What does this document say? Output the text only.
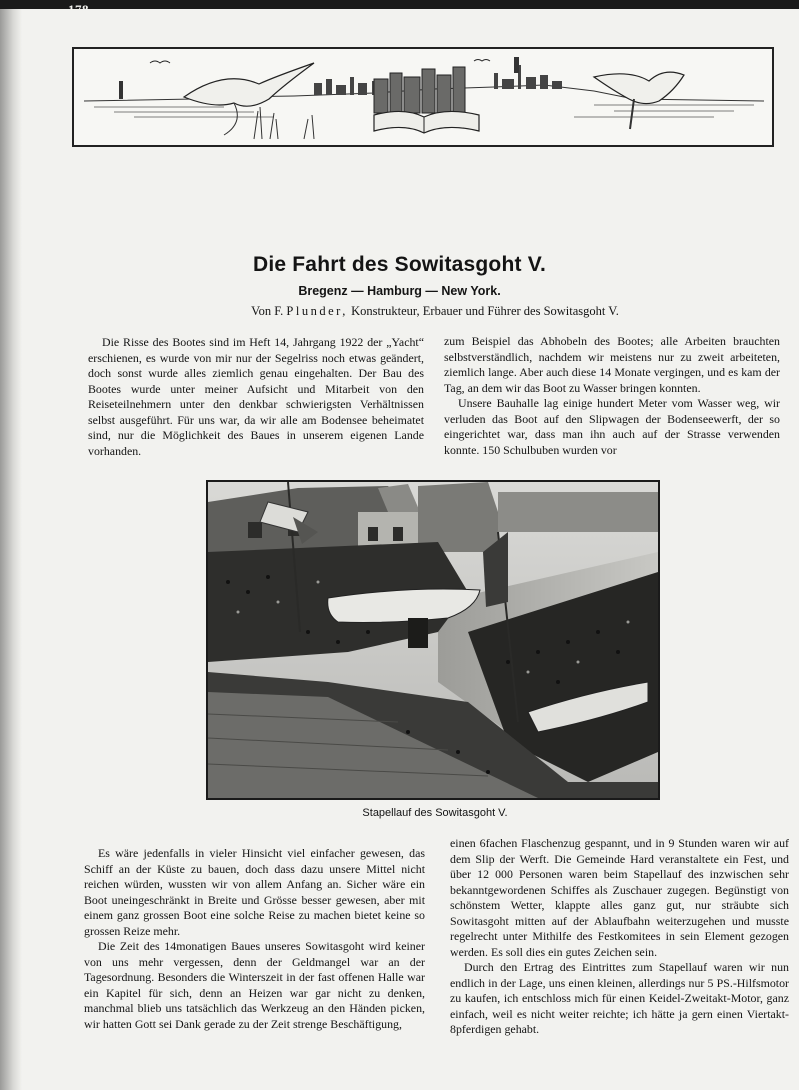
178
Die Fahrt des Sowitasgoht V.
Bregenz — Hamburg — New York.
Von F. Plunder, Konstrukteur, Erbauer und Führer des Sowitasgoht V.

Die Risse des Bootes sind im Heft 14, Jahrgang 1922 der „Yacht“ erschienen, es wurde von mir nur der Segelriss noch etwas geändert, doch sonst wurde alles ziemlich genau eingehalten. Der Bau des Bootes wurde unter meiner Aufsicht und Mitarbeit von den Reiseteilnehmern unter den denkbar schwierigsten Verhältnissen selbst ausgeführt. Für uns war, da wir alle am Bodensee beheimatet sind, nur die Möglichkeit des Baues in unserem eigenen Lande vorhanden.

zum Beispiel das Abhobeln des Bootes; alle Arbeiten brauchten selbstverständlich, nachdem wir meistens nur zu zweit arbeiteten, ziemlich lange. Aber auch diese 14 Monate vergingen, und es kam der Tag, an dem wir das Boot zu Wasser bringen konnten.

Unsere Bauhalle lag einige hundert Meter vom Wasser weg, wir verluden das Boot auf den Slipwagen der Bodenseewerft, der so eingerichtet war, dass man ihn auch auf der Strasse verwenden konnte. 150 Schulbuben wurden vor

Stapellauf des Sowitasgoht V.

Es wäre jedenfalls in vieler Hinsicht viel einfacher gewesen, das Schiff an der Küste zu bauen, doch dass dazu unsere Mittel nicht reichen würden, wussten wir von allem Anfang an. Sicher wäre ein Boot uneingeschränkt in Breite und Grösse besser gewesen, aber mit einem ganz grossen Boot eine solche Reise zu machen bietet keine so grossen Reize mehr.

Die Zeit des 14monatigen Baues unseres Sowitasgoht wird keiner von uns mehr vergessen, denn der Geldmangel war an der Tagesordnung. Besonders die Winterszeit in der fast offenen Halle war ein Kapitel für sich, denn an Heizen war gar nicht zu denken, manchmal blieb uns tatsächlich das Werkzeug an den Händen picken, wir hatten Gott sei Dank gerade zu der Zeit strenge Beschäftigung,

einen 6fachen Flaschenzug gespannt, und in 9 Stunden waren wir auf dem Slip der Werft. Die Gemeinde Hard veranstaltete ein Fest, und über 12 000 Personen waren beim Stapellauf des inzwischen sehr bekanntgewordenen Schiffes als Zuschauer zugegen. Begünstigt von schönstem Wetter, klappte alles ganz gut, nur sträubte sich Sowitasgoht mitten auf der Ablaufbahn weiterzugehen und musste regelrecht unter Mithilfe des Festkomitees in sein Element gezogen werden. Es soll dies ein gutes Zeichen sein.

Durch den Ertrag des Eintrittes zum Stapellauf waren wir nun endlich in der Lage, uns einen kleinen, allerdings nur 5 PS.-Hilfsmotor zu kaufen, ich entschloss mich für einen Keidel-Zweitakt-Motor, ganz einfach, weil es nicht weiter reichte; ich hätte ja gern einen Viertakt-8pferdigen gehabt.
